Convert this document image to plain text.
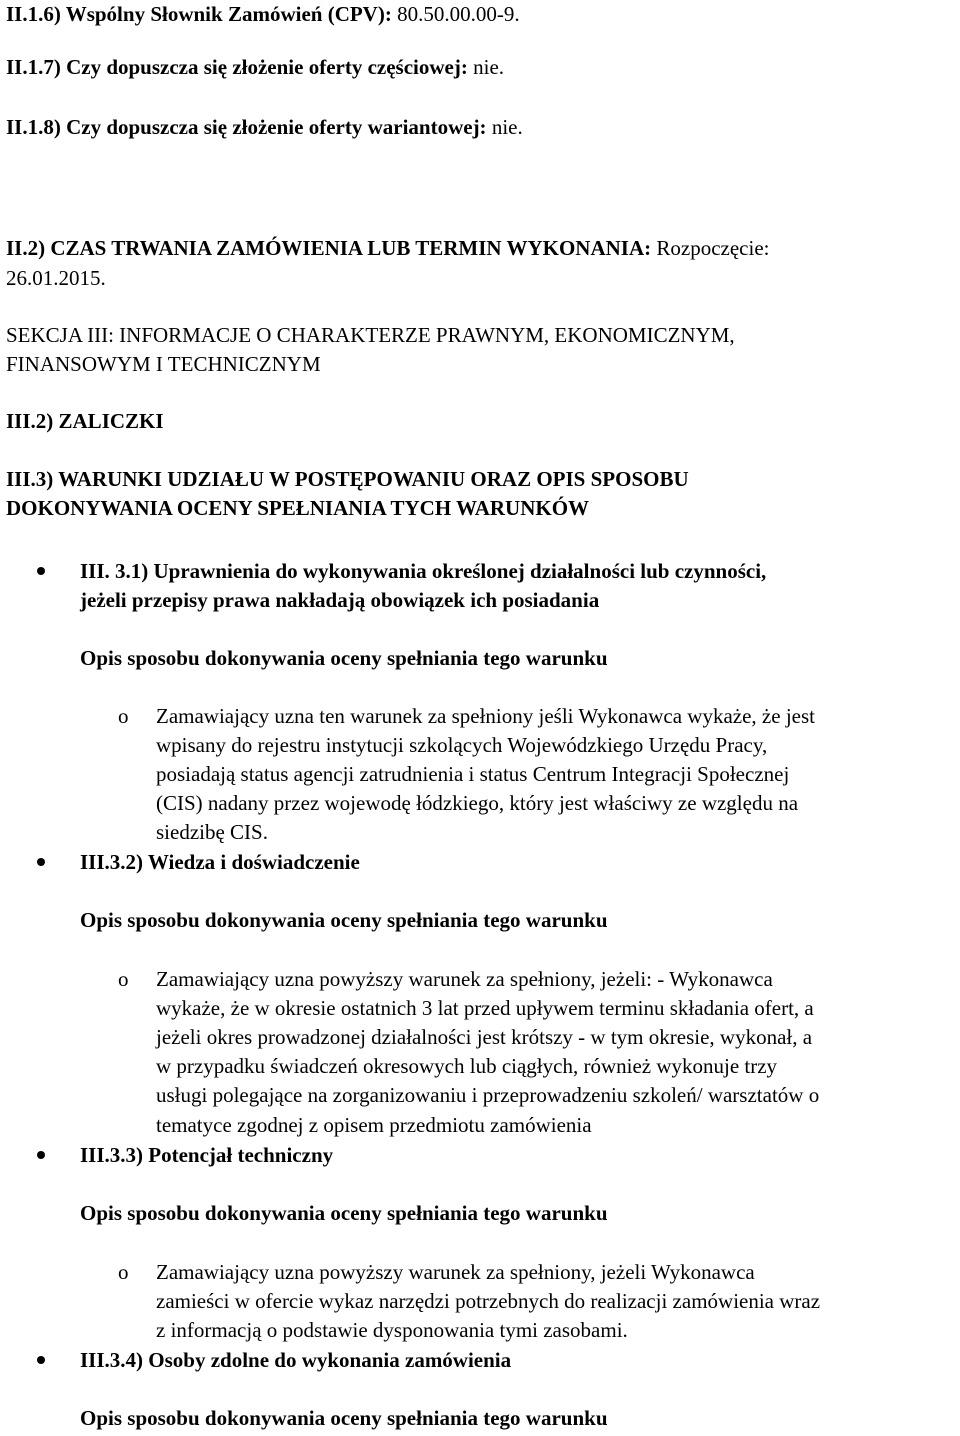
II.1.6) Wspólny Słownik Zamówień (CPV): 80.50.00.00-9.
II.1.7) Czy dopuszcza się złożenie oferty częściowej: nie.
II.1.8) Czy dopuszcza się złożenie oferty wariantowej: nie.
II.2) CZAS TRWANIA ZAMÓWIENIA LUB TERMIN WYKONANIA: Rozpoczęcie:
26.01.2015.
SEKCJA III: INFORMACJE O CHARAKTERZE PRAWNYM, EKONOMICZNYM,
FINANSOWYM I TECHNICZNYM
III.2) ZALICZKI
III.3) WARUNKI UDZIAŁU W POSTĘPOWANIU ORAZ OPIS SPOSOBU
DOKONYWANIA OCENY SPEŁNIANIA TYCH WARUNKÓW
III. 3.1) Uprawnienia do wykonywania określonej działalności lub czynności,
jeżeli przepisy prawa nakładają obowiązek ich posiadania
Opis sposobu dokonywania oceny spełniania tego warunku
o Zamawiający uzna ten warunek za spełniony jeśli Wykonawca wykaże, że jest
wpisany do rejestru instytucji szkolących Wojewódzkiego Urzędu Pracy,
posiadają status agencji zatrudnienia i status Centrum Integracji Społecznej
(CIS) nadany przez wojewodę łódzkiego, który jest właściwy ze względu na
siedzibę CIS.
III.3.2) Wiedza i doświadczenie
Opis sposobu dokonywania oceny spełniania tego warunku
o Zamawiający uzna powyższy warunek za spełniony, jeżeli: - Wykonawca
wykaże, że w okresie ostatnich 3 lat przed upływem terminu składania ofert, a
jeżeli okres prowadzonej działalności jest krótszy - w tym okresie, wykonał, a
w przypadku świadczeń okresowych lub ciągłych, również wykonuje trzy
usługi polegające na zorganizowaniu i przeprowadzeniu szkoleń/ warsztatów o
tematyce zgodnej z opisem przedmiotu zamówienia
III.3.3) Potencjał techniczny
Opis sposobu dokonywania oceny spełniania tego warunku
o Zamawiający uzna powyższy warunek za spełniony, jeżeli Wykonawca
zamieści w ofercie wykaz narzędzi potrzebnych do realizacji zamówienia wraz
z informacją o podstawie dysponowania tymi zasobami.
III.3.4) Osoby zdolne do wykonania zamówienia
Opis sposobu dokonywania oceny spełniania tego warunku
